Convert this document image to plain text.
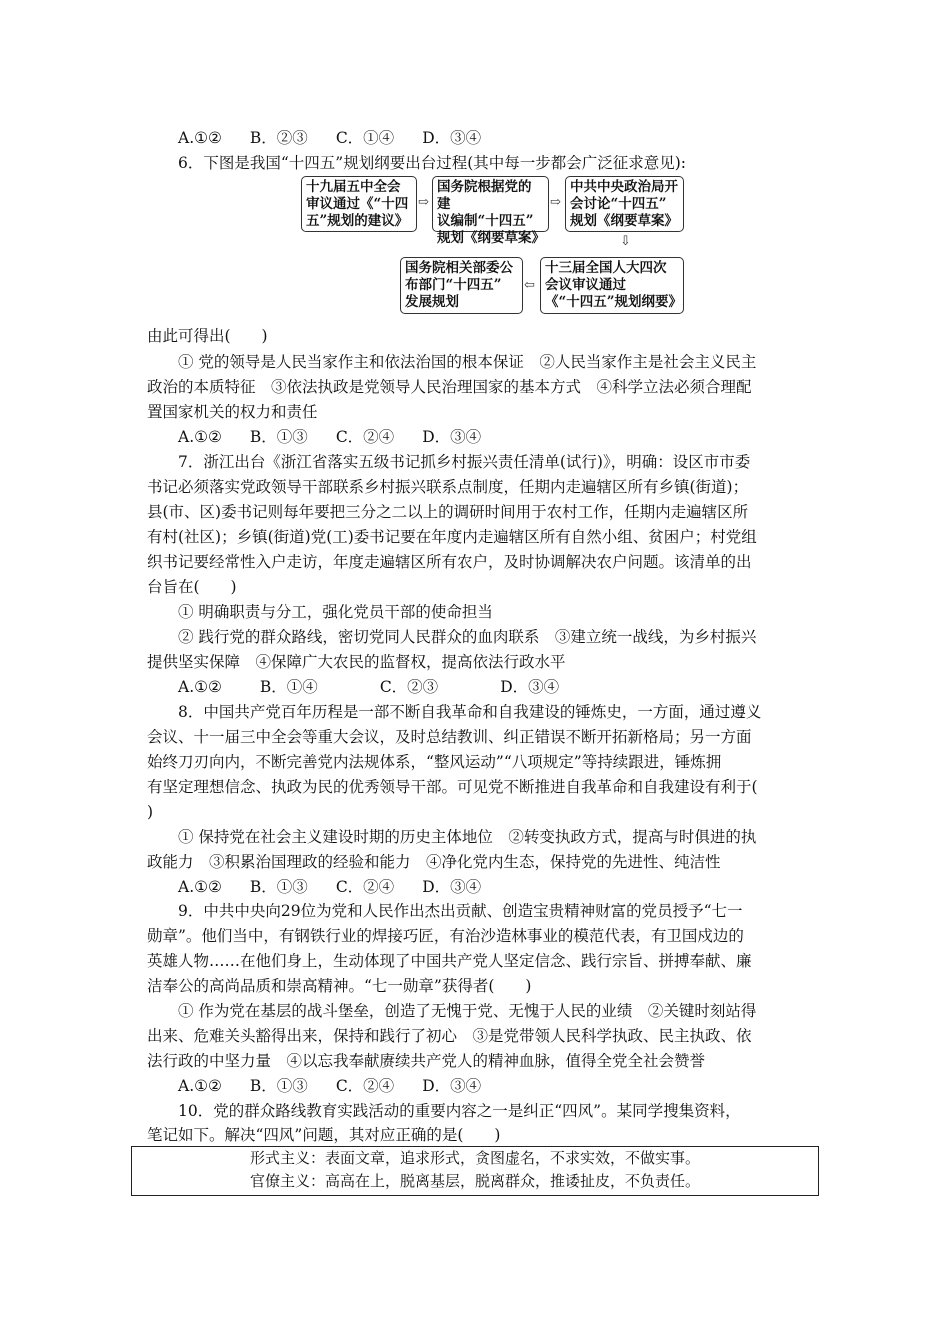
A.①② B．②③ C．①④ D．③④
6．下图是我国“十四五”规划纲要出台过程(其中每一步都会广泛征求意见):
十九届五中全会
审议通过《“十四
五”规划的建议》
⇨
国务院根据党的建
议编制“十四五”
规划《纲要草案》
⇨
中共中央政治局开
会讨论“十四五”
规划《纲要草案》
⇩
十三届全国人大四次
会议审议通过
《“十四五”规划纲要》
⇦
国务院相关部委公
布部门“十四五”
发展规划
由此可得出(　　)
① 党的领导是人民当家作主和依法治国的根本保证　②人民当家作主是社会主义民主
政治的本质特征　③依法执政是党领导人民治理国家的基本方式　④科学立法必须合理配
置国家机关的权力和责任
A.①② B．①③ C．②④ D．③④
7．浙江出台《浙江省落实五级书记抓乡村振兴责任清单(试行)》，明确：设区市市委
书记必须落实党政领导干部联系乡村振兴联系点制度，任期内走遍辖区所有乡镇(街道)；
县(市、区)委书记则每年要把三分之二以上的调研时间用于农村工作，任期内走遍辖区所
有村(社区)；乡镇(街道)党(工)委书记要在年度内走遍辖区所有自然小组、贫困户；村党组
织书记要经常性入户走访，年度走遍辖区所有农户，及时协调解决农户问题。该清单的出
台旨在(　　)
① 明确职责与分工，强化党员干部的使命担当
② 践行党的群众路线，密切党同人民群众的血肉联系　③建立统一战线，为乡村振兴
提供坚实保障　④保障广大农民的监督权，提高依法行政水平
A.①② B．①④	C．②③	D．③④
8．中国共产党百年历程是一部不断自我革命和自我建设的锤炼史，一方面，通过遵义
会议、十一届三中全会等重大会议，及时总结教训、纠正错误不断开拓新格局；另一方面
始终刀刃向内，不断完善党内法规体系，“整风运动”“八项规定”等持续跟进，锤炼拥
有坚定理想信念、执政为民的优秀领导干部。可见党不断推进自我革命和自我建设有利于(
)
① 保持党在社会主义建设时期的历史主体地位　②转变执政方式，提高与时俱进的执
政能力　③积累治国理政的经验和能力　④净化党内生态，保持党的先进性、纯洁性
A.①② B．①③ C．②④ D．③④
9．中共中央向29位为党和人民作出杰出贡献、创造宝贵精神财富的党员授予“七一
勋章”。他们当中，有钢铁行业的焊接巧匠，有治沙造林事业的模范代表，有卫国戍边的
英雄人物……在他们身上，生动体现了中国共产党人坚定信念、践行宗旨、拼搏奉献、廉
洁奉公的高尚品质和崇高精神。“七一勋章”获得者(　　)
① 作为党在基层的战斗堡垒，创造了无愧于党、无愧于人民的业绩　②关键时刻站得
出来、危难关头豁得出来，保持和践行了初心　③是党带领人民科学执政、民主执政、依
法行政的中坚力量　④以忘我奉献赓续共产党人的精神血脉，值得全党全社会赞誉
A.①② B．①③ C．②④ D．③④
10．党的群众路线教育实践活动的重要内容之一是纠正“四风”。某同学搜集资料，
笔记如下。解决“四风”问题，其对应正确的是(　　)
形式主义：表面文章，追求形式，贪图虚名，不求实效，不做实事。
官僚主义：高高在上，脱离基层，脱离群众，推诿扯皮，不负责任。
